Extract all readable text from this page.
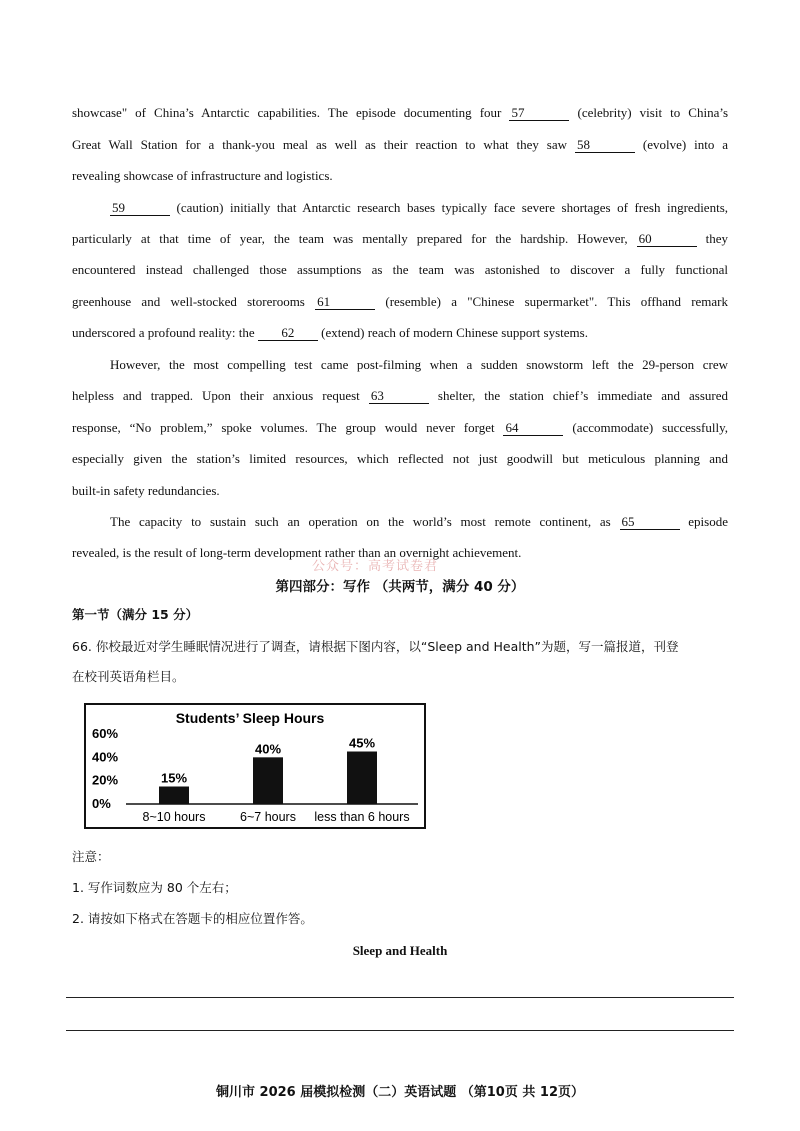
showcase" of China’s Antarctic capabilities. The episode documenting four 57	(celebrity) visit to China’s
Great Wall Station for a thank-you meal as well as their reaction to what they saw 58	(evolve) into a
revealing showcase of infrastructure and logistics.
59	(caution) initially that Antarctic research bases typically face severe shortages of fresh ingredients,
particularly at that time of year, the team was mentally prepared for the hardship. However, 60	they
encountered instead challenged those assumptions as the team was astonished to discover a fully functional
greenhouse and well-stocked storerooms 61	(resemble) a "Chinese supermarket". This offhand remark
underscored a profound reality: the 62 (extend) reach of modern Chinese support systems.
However, the most compelling test came post-filming when a sudden snowstorm left the 29-person crew
helpless and trapped. Upon their anxious request 63	shelter, the station chief’s immediate and assured
response, “No problem,” spoke volumes. The group would never forget 64	(accommodate) successfully,
especially given the station’s limited resources, which reflected not just goodwill but meticulous planning and
built-in safety redundancies.
The capacity to sustain such an operation on the world’s most remote continent, as 65	episode
revealed, is the result of long-term development rather than an overnight achievement.
公众号：高考试卷君
第四部分：写作 （共两节，满分 40 分）
第一节（满分 15 分）
66. 你校最近对学生睡眠情况进行了调查，请根据下图内容，以“Sleep and Health”为题，写一篇报道，刊登
在校刊英语角栏目。
Students’ Sleep Hours
60%
40%
20%
0%
15%
40%	45%
8~10 hours	6~7 hours less than 6 hours
注意：
1. 写作词数应为 80 个左右；
2. 请按如下格式在答题卡的相应位置作答。
Sleep and Health
铜川市 2026 届模拟检测（二）英语试题 （第10页 共 12页）
